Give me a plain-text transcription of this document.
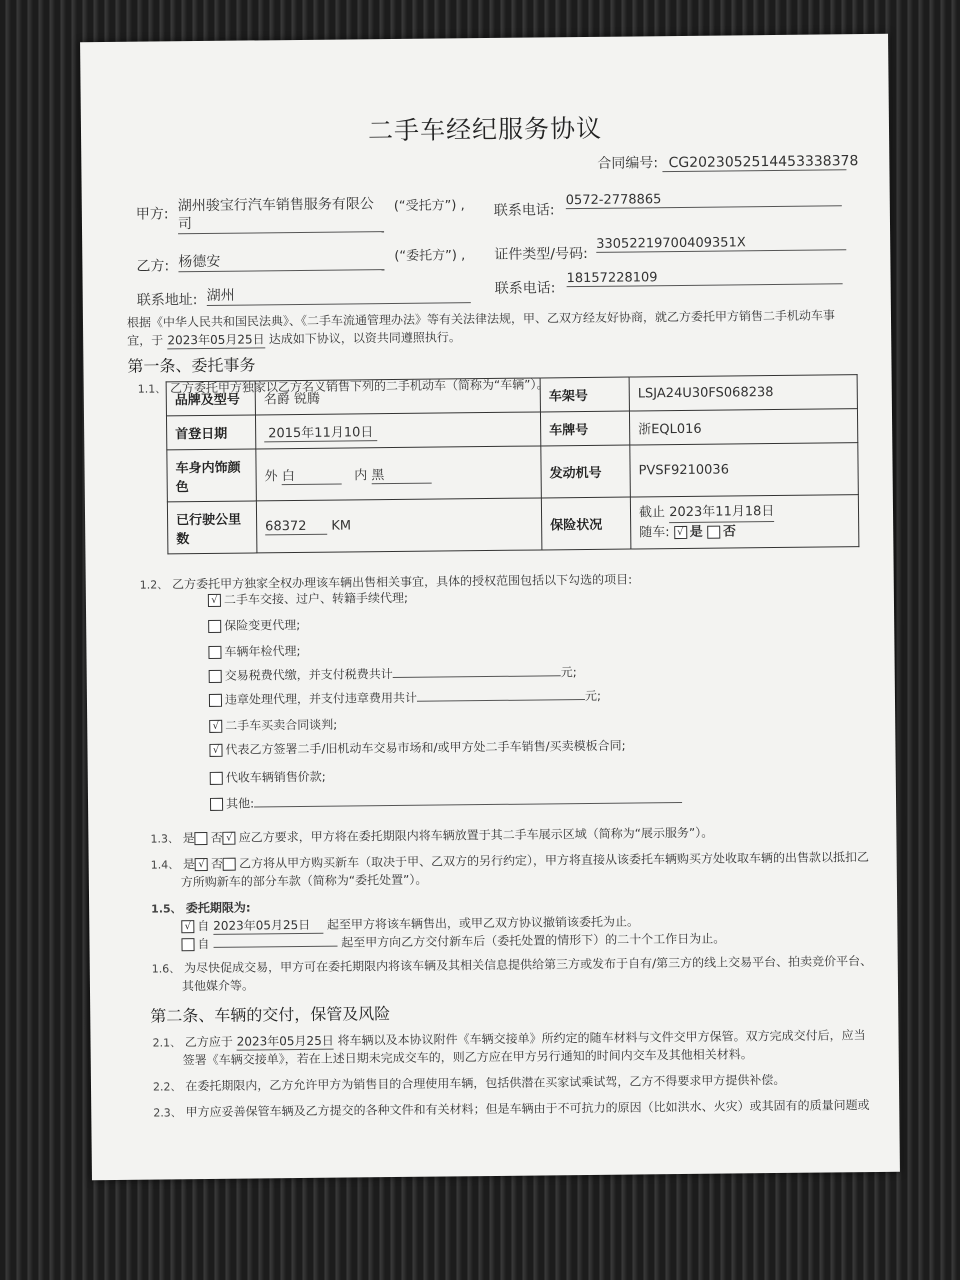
二手车经纪服务协议
合同编号: CG2023052514453338378
甲方:
湖州骏宝行汽车销售服务有限公
司
(“受托方”) , 联系电话:
0572-2778865
乙方: 杨德安	(“委托方”) , 证件类型/号码:
33052219700409351X
联系电话:
18157228109
联系地址: 湖州
根据《中华人民共和国民法典》、《二手车流通管理办法》等有关法律法规，甲、乙双方经友好协商，就乙方委托甲方销售二手机动车事
宜，于 2023年05月25日 达成如下协议，以资共同遵照执行。
第一条、委托事务
1.1、 乙方委托甲方独家以乙方名义销售下列的二手机动车（简称为“车辆”）。
品牌及型号	名爵 锐腾	车架号	LSJA24U30FS068238
首登日期	2015年11月10日	车牌号	浙EQL016
车身内饰颜色	外 白 内 黑	发动机号	PVSF9210036
已行驶公里数	68372 KM	保险状况	截止 2023年11月18日
随车: √ 是 否
1.2、 乙方委托甲方独家全权办理该车辆出售相关事宜，具体的授权范围包括以下勾选的项目:
√ 二手车交接、过户、转籍手续代理;
保险变更代理;
车辆年检代理;
交易税费代缴，并支付税费共计	元;
违章处理代理，并支付违章费用共计	元;
√ 二手车买卖合同谈判;
√ 代表乙方签署二手/旧机动车交易市场和/或甲方处二手车销售/买卖模板合同;
代收车辆销售价款;
其他:
1.3、 是 否 √ 应乙方要求，甲方将在委托期限内将车辆放置于其二手车展示区域（简称为“展示服务”）。
1.4、 是 √ 否 乙方将从甲方购买新车（取决于甲、乙双方的另行约定），甲方将直接从该委托车辆购买方处收取车辆的出售款以抵扣乙
方所购新车的部分车款（简称为“委托处置”）。
1.5、 委托期限为:
√ 自 2023年05月25日 起至甲方将该车辆售出，或甲乙双方协议撤销该委托为止。
自	起至甲方向乙方交付新车后（委托处置的情形下）的二十个工作日为止。
1.6、 为尽快促成交易，甲方可在委托期限内将该车辆及其相关信息提供给第三方或发布于自有/第三方的线上交易平台、拍卖竞价平台、
其他媒介等。
第二条、车辆的交付，保管及风险
2.1、 乙方应于 2023年05月25日 将车辆以及本协议附件《车辆交接单》所约定的随车材料与文件交甲方保管。双方完成交付后，应当
签署《车辆交接单》，若在上述日期未完成交车的，则乙方应在甲方另行通知的时间内交车及其他相关材料。
2.2、 在委托期限内，乙方允许甲方为销售目的合理使用车辆，包括供潜在买家试乘试驾，乙方不得要求甲方提供补偿。
2.3、 甲方应妥善保管车辆及乙方提交的各种文件和有关材料；但是车辆由于不可抗力的原因（比如洪水、火灾）或其固有的质量问题或
